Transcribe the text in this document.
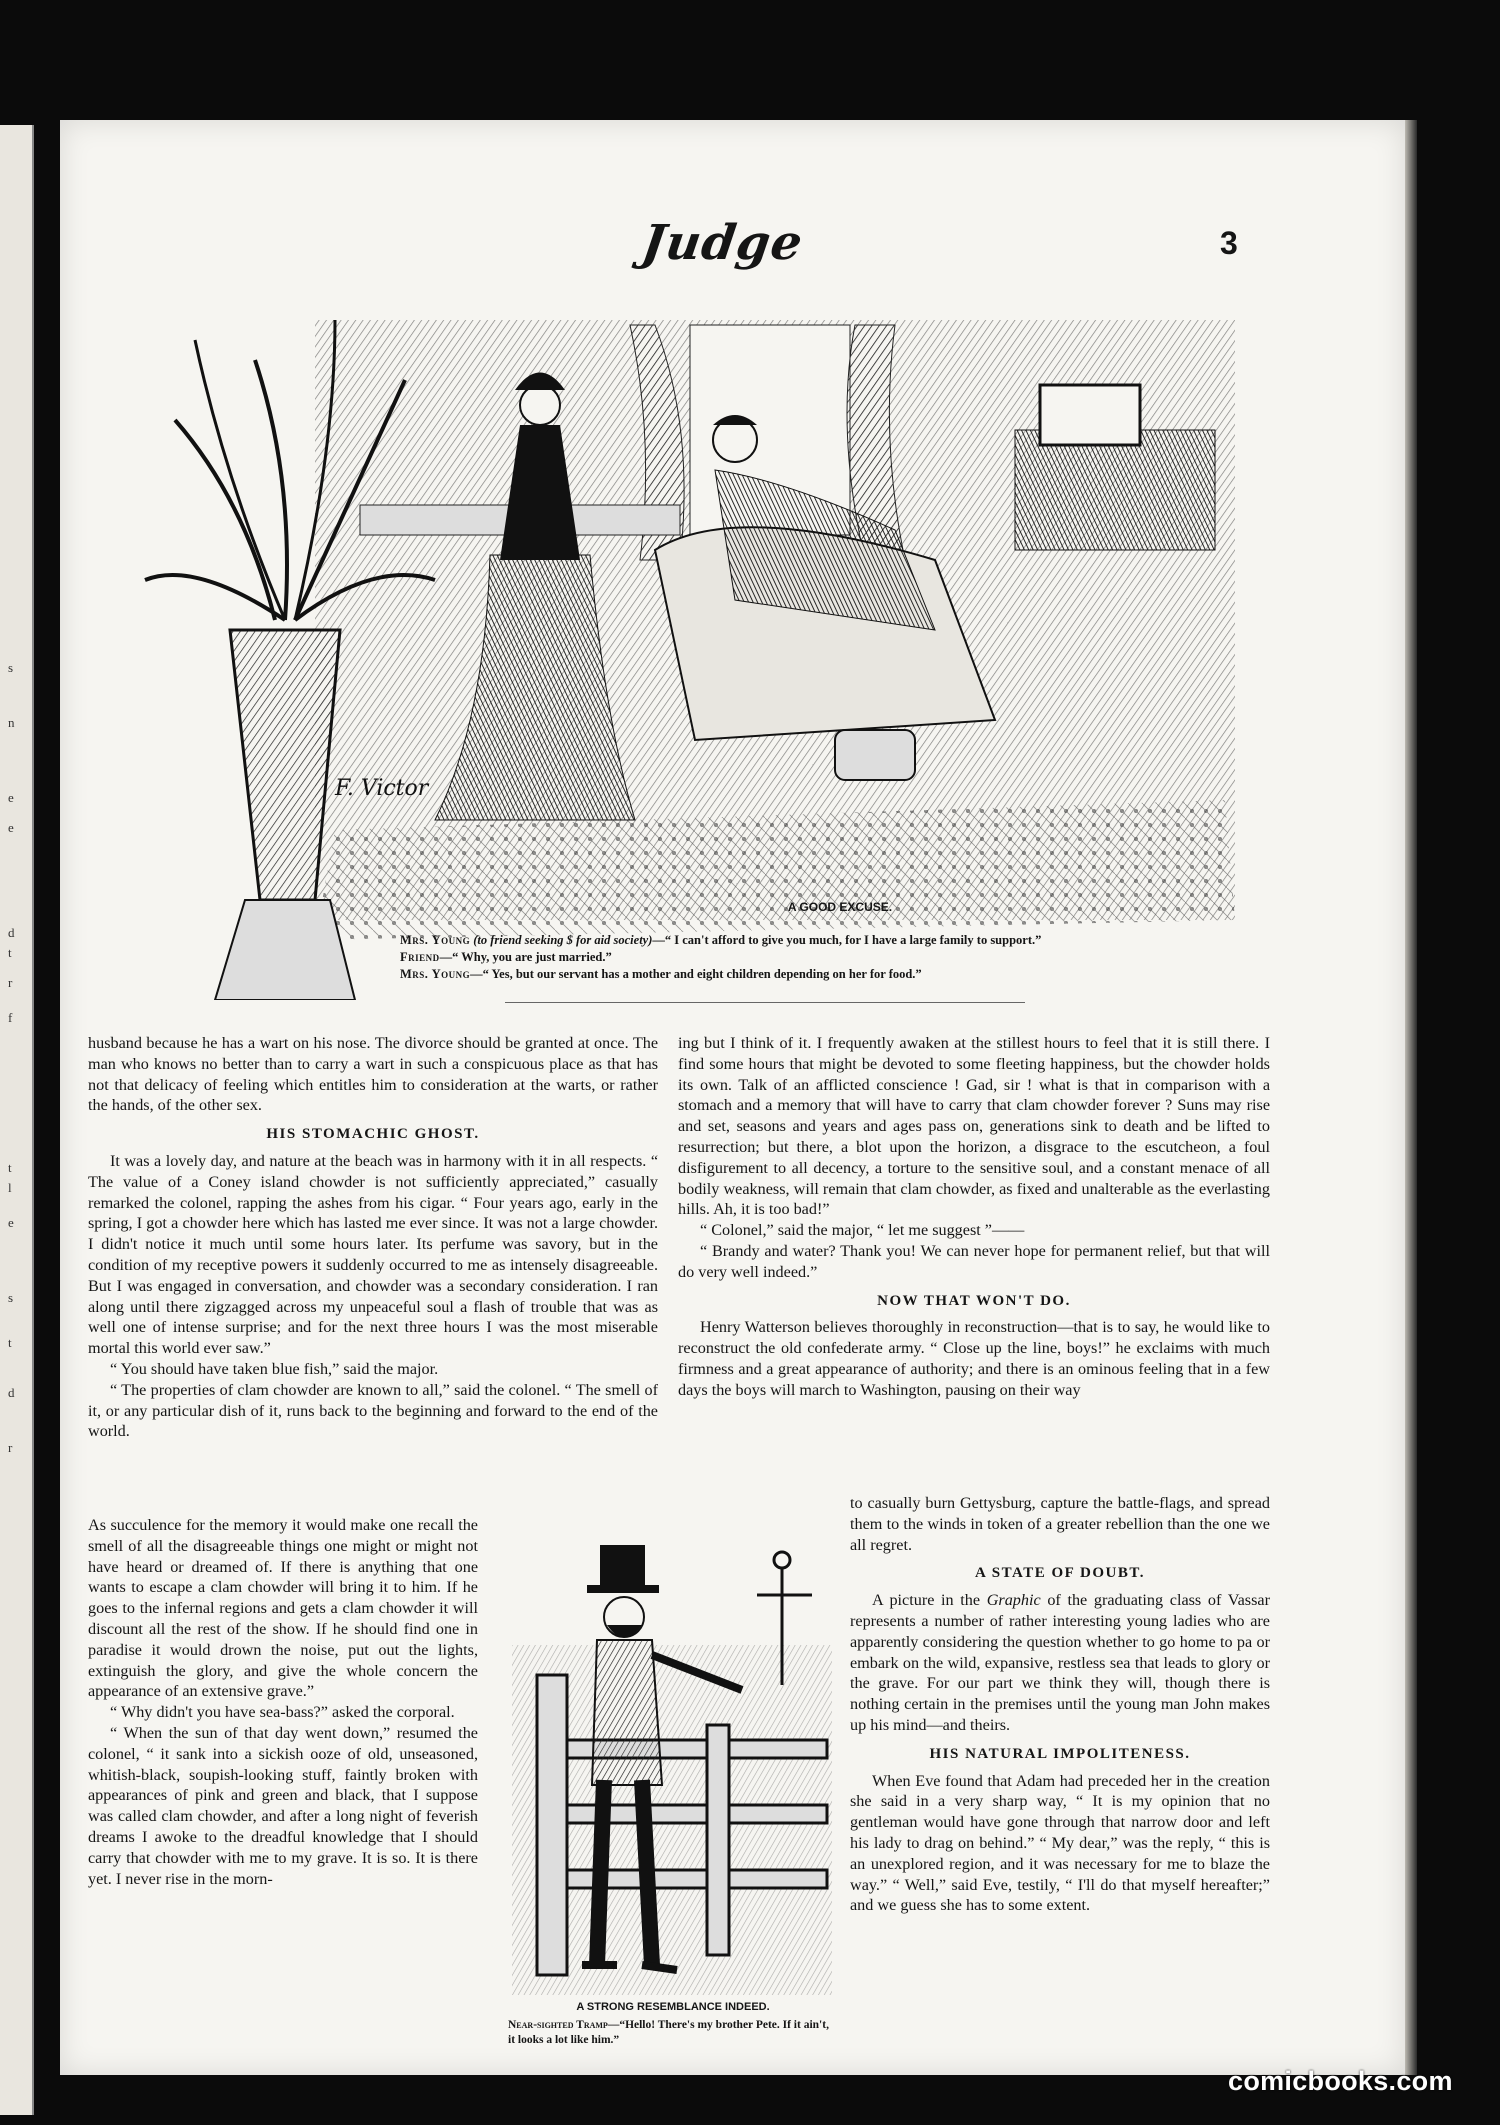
s
n
e
e
d
t
r
f
t
l
e
s
t
d
r
Judge	3
F. Victor
A GOOD EXCUSE.
Mrs. Young (to friend seeking $ for aid society)—“ I can't afford to give you much, for I have a large family to support.”
Friend—“ Why, you are just married.”
Mrs. Young—“ Yes, but our servant has a mother and eight children depending on her for food.”

husband because he has a wart on his nose. The divorce should be granted at once. The man who knows no better than to carry a wart in such a conspicuous place as that has not that delicacy of feeling which entitles him to consideration at the warts, or rather the hands, of the other sex.

HIS STOMACHIC GHOST.

It was a lovely day, and nature at the beach was in harmony with it in all respects. “ The value of a Coney island chowder is not sufficiently appreciated,” casually remarked the colonel, rapping the ashes from his cigar. “ Four years ago, early in the spring, I got a chowder here which has lasted me ever since. It was not a large chowder. I didn't notice it much until some hours later. Its perfume was savory, but in the condition of my receptive powers it suddenly occurred to me as intensely disagreeable. But I was engaged in conversation, and chowder was a secondary consideration. I ran along until there zigzagged across my unpeaceful soul a flash of trouble that was as well one of intense surprise; and for the next three hours I was the most miserable mortal this world ever saw.”

“ You should have taken blue fish,” said the major.

“ The properties of clam chowder are known to all,” said the colonel. “ The smell of it, or any particular dish of it, runs back to the beginning and forward to the end of the world.

As succulence for the memory it would make one recall the smell of all the disagreeable things one might or might not have heard or dreamed of. If there is anything that one wants to escape a clam chowder will bring it to him. If he goes to the infernal regions and gets a clam chowder it will discount all the rest of the show. If he should find one in paradise it would drown the noise, put out the lights, extinguish the glory, and give the whole concern the appearance of an extensive grave.”

“ Why didn't you have sea-bass?” asked the corporal.

“ When the sun of that day went down,” resumed the colonel, “ it sank into a sickish ooze of old, unseasoned, whitish-black, soupish-looking stuff, faintly broken with appearances of pink and green and black, that I suppose was called clam chowder, and after a long night of feverish dreams I awoke to the dreadful knowledge that I should carry that chowder with me to my grave. It is so. It is there yet. I never rise in the morn-

ing but I think of it. I frequently awaken at the stillest hours to feel that it is still there. I find some hours that might be devoted to some fleeting happiness, but the chowder holds its own. Talk of an afflicted conscience ! Gad, sir ! what is that in comparison with a stomach and a memory that will have to carry that clam chowder forever ? Suns may rise and set, seasons and years and ages pass on, generations sink to death and be lifted to resurrection; but there, a blot upon the horizon, a disgrace to the escutcheon, a foul disfigurement to all decency, a torture to the sensitive soul, and a constant menace of all bodily weakness, will remain that clam chowder, as fixed and unalterable as the everlasting hills. Ah, it is too bad!”

“ Colonel,” said the major, “ let me suggest ”——

“ Brandy and water? Thank you! We can never hope for permanent relief, but that will do very well indeed.”

NOW THAT WON'T DO.

Henry Watterson believes thoroughly in reconstruction—that is to say, he would like to reconstruct the old confederate army. “ Close up the line, boys!” he exclaims with much firmness and a great appearance of authority; and there is an ominous feeling that in a few days the boys will march to Washington, pausing on their way

to casually burn Gettysburg, capture the battle-flags, and spread them to the winds in token of a greater rebellion than the one we all regret.

A STATE OF DOUBT.

A picture in the Graphic of the graduating class of Vassar represents a number of rather interesting young ladies who are apparently considering the question whether to go home to pa or embark on the wild, expansive, restless sea that leads to glory or the grave. For our part we think they will, though there is nothing certain in the premises until the young man John makes up his mind—and theirs.

HIS NATURAL IMPOLITENESS.

When Eve found that Adam had preceded her in the creation she said in a very sharp way, “ It is my opinion that no gentleman would have gone through that narrow door and left his lady to drag on behind.” “ My dear,” was the reply, “ this is an unexplored region, and it was necessary for me to blaze the way.” “ Well,” said Eve, testily, “ I'll do that myself hereafter;” and we guess she has to some extent.

A STRONG RESEMBLANCE INDEED.
Near-sighted Tramp—“Hello! There's my brother Pete. If it ain't, it looks a lot like him.”
comicbooks.com
